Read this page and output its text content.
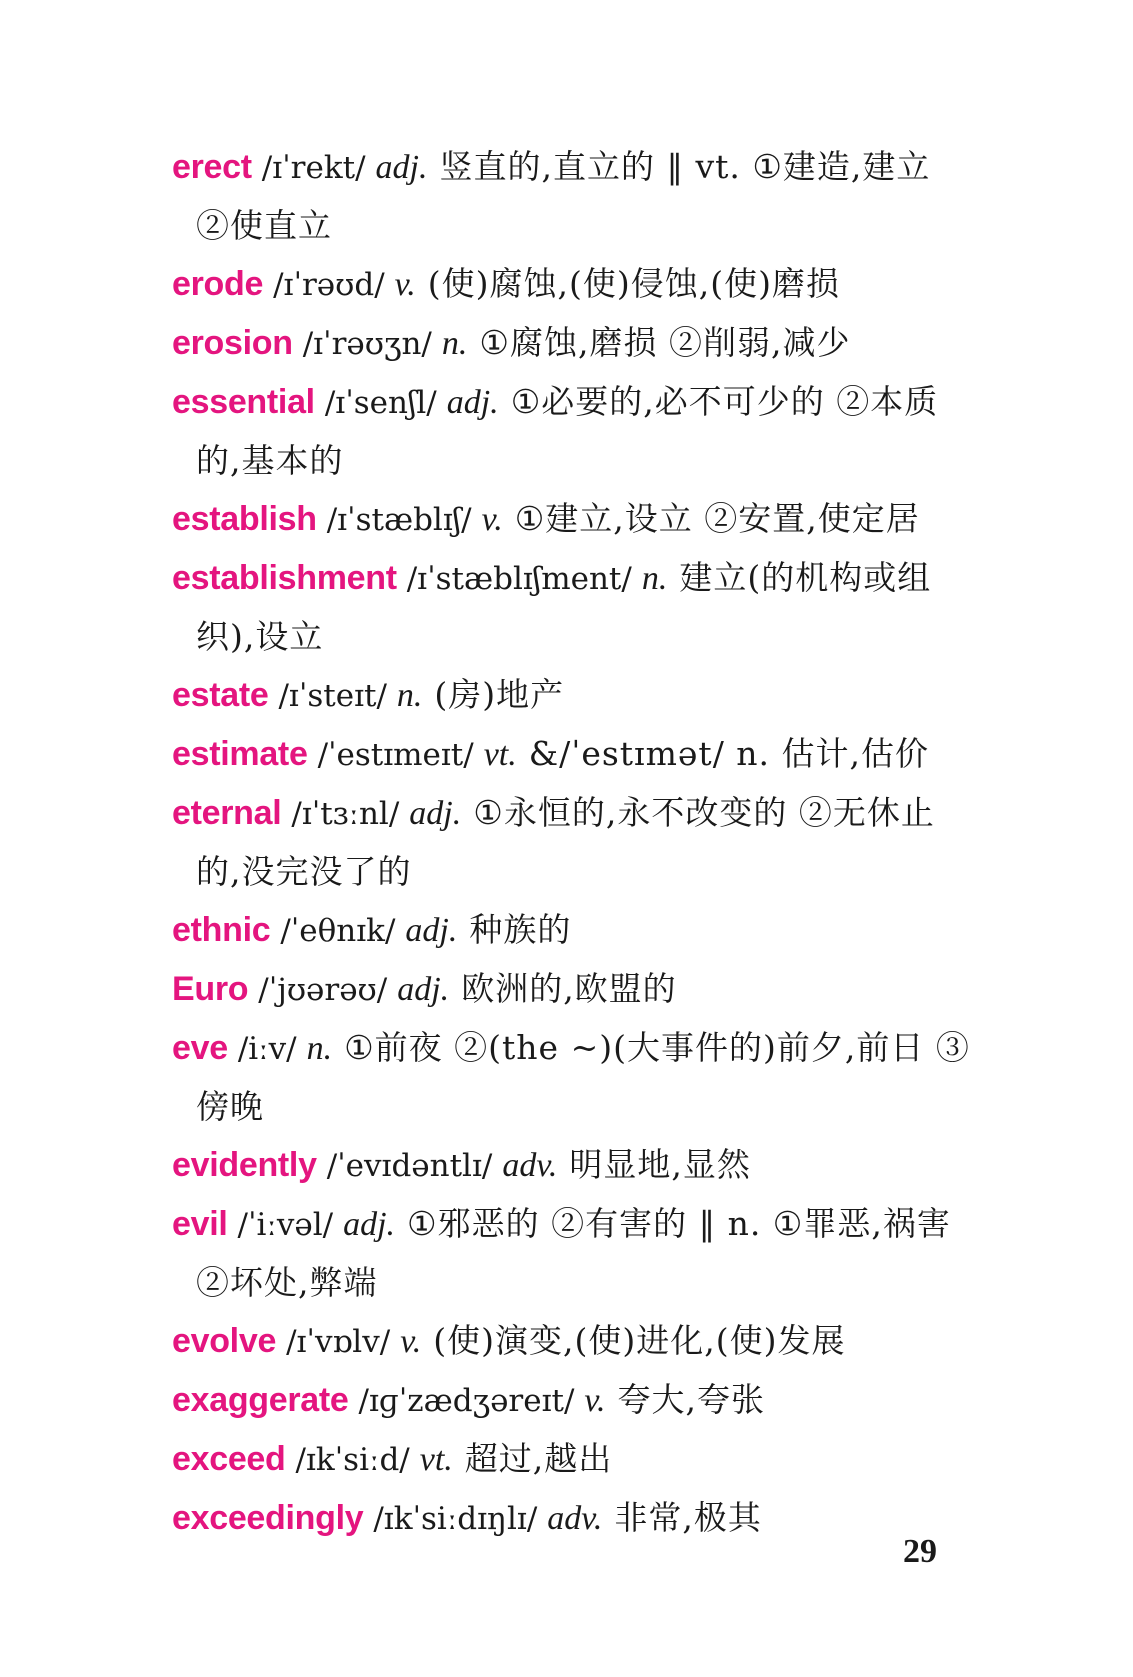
erect /ɪˈrekt/ adj. 竖直的,直立的 ‖ vt. ①建造,建立 ②使直立
erode /ɪˈrəʊd/ v. (使)腐蚀,(使)侵蚀,(使)磨损
erosion /ɪˈrəʊʒn/ n. ①腐蚀,磨损 ②削弱,减少
essential /ɪˈsenʃl/ adj. ①必要的,必不可少的 ②本质的,基本的
establish /ɪˈstæblɪʃ/ v. ①建立,设立 ②安置,使定居
establishment /ɪˈstæblɪʃment/ n. 建立(的机构或组织),设立
estate /ɪˈsteɪt/ n. (房)地产
estimate /ˈestɪmeɪt/ vt. &/ˈestɪmət/ n. 估计,估价
eternal /ɪˈtɜːnl/ adj. ①永恒的,永不改变的 ②无休止的,没完没了的
ethnic /ˈeθnɪk/ adj. 种族的
Euro /ˈjʊərəʊ/ adj. 欧洲的,欧盟的
eve /iːv/ n. ①前夜 ②(the ~)(大事件的)前夕,前日 ③傍晚
evidently /ˈevɪdəntlɪ/ adv. 明显地,显然
evil /ˈiːvəl/ adj. ①邪恶的 ②有害的 ‖ n. ①罪恶,祸害 ②坏处,弊端
evolve /ɪˈvɒlv/ v. (使)演变,(使)进化,(使)发展
exaggerate /ɪɡˈzædʒəreɪt/ v. 夸大,夸张
exceed /ɪkˈsiːd/ vt. 超过,越出
exceedingly /ɪkˈsiːdɪŋlɪ/ adv. 非常,极其
29
